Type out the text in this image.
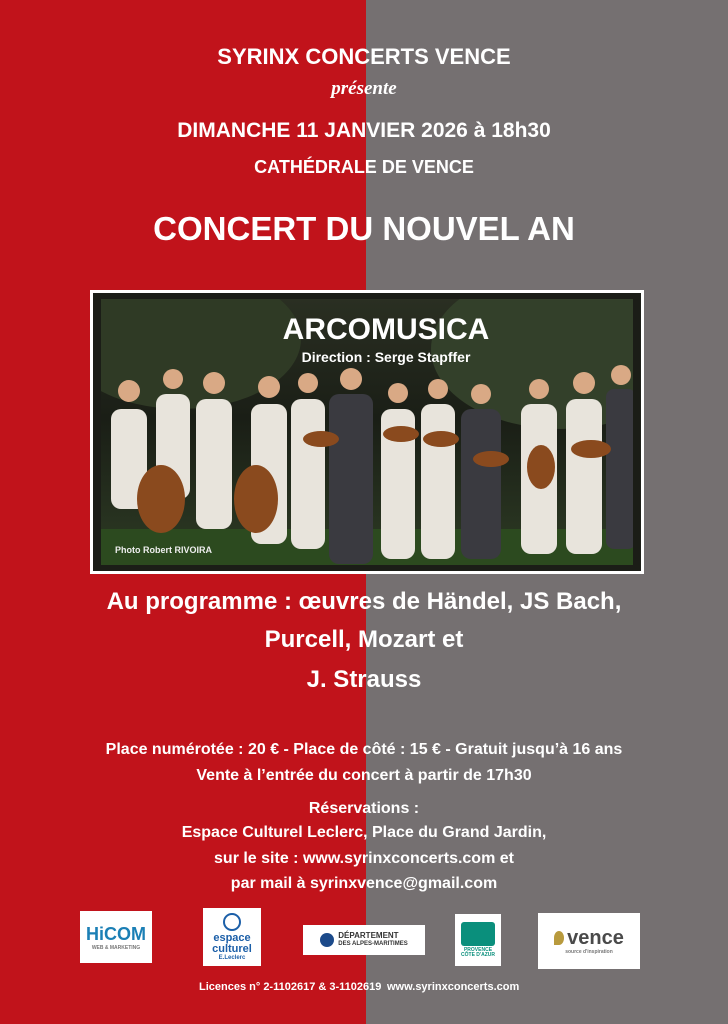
SYRINX CONCERTS VENCE
présente
DIMANCHE 11 JANVIER 2026 à 18h30
CATHÉDRALE DE VENCE
CONCERT DU NOUVEL AN
ARCOMUSICA
Direction : Serge Stapffer
Photo Robert RIVOIRA
Au programme : œuvres de Händel, JS Bach,
Purcell, Mozart et
J. Strauss
Place numérotée : 20 € - Place de côté : 15 € - Gratuit jusqu’à 16 ans
Vente à l’entrée du concert à partir de 17h30
Réservations :
Espace Culturel Leclerc, Place du Grand Jardin,
sur le site : www.syrinxconcerts.com et
par mail à syrinxvence@gmail.com
HiCOM
WEB & MARKETING
espace
culturel
E.Leclerc
DÉPARTEMENT
DES ALPES-MARITIMES
PROVENCE
CÔTE D'AZUR
vence
source d'inspiration
Licences n° 2-1102617 & 3-1102619 www.syrinxconcerts.com
